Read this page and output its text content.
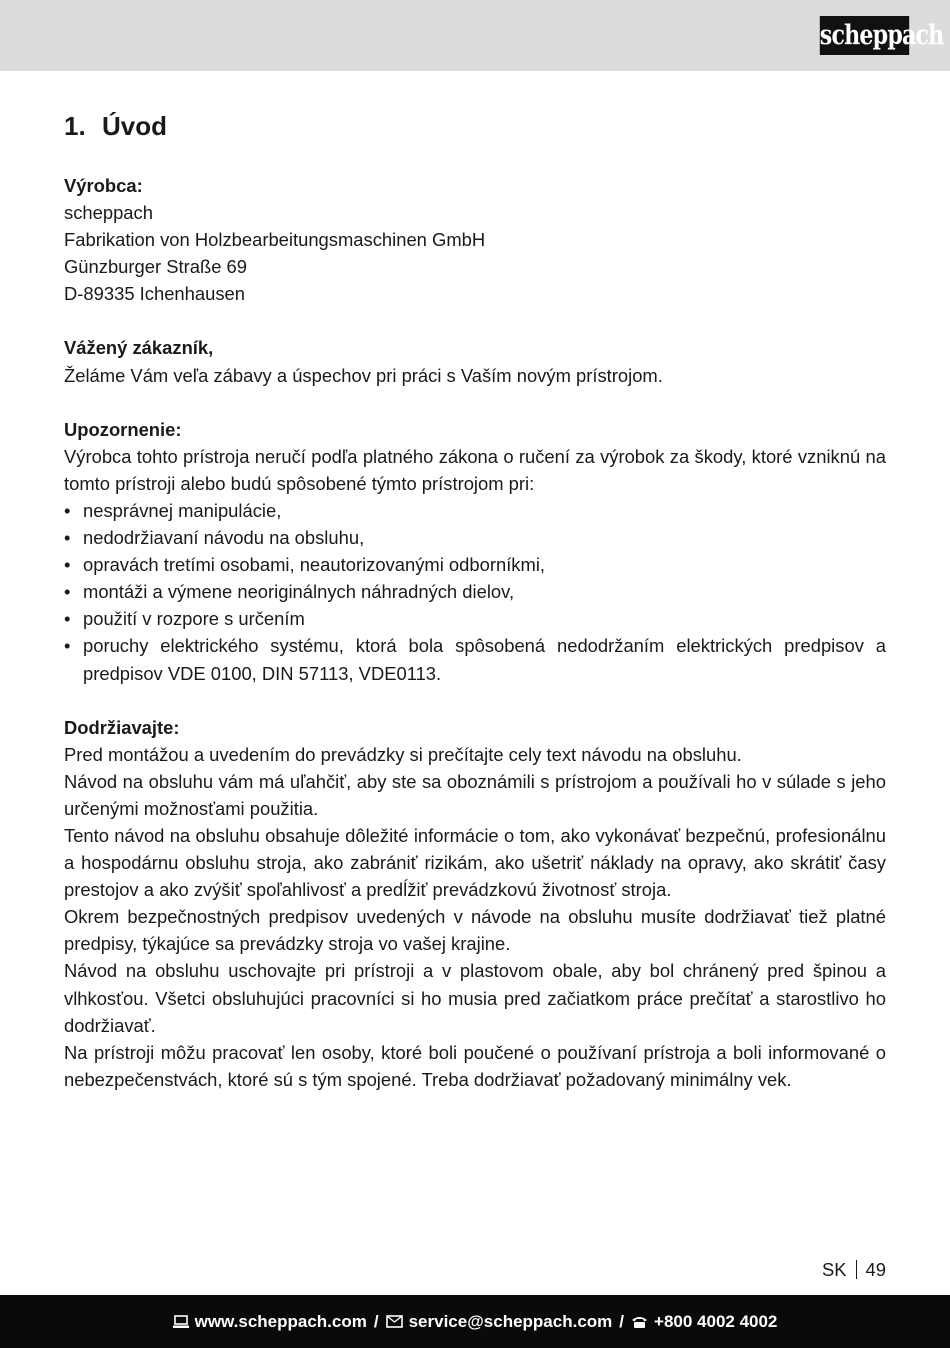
scheppach
1. Úvod
Výrobca:
scheppach
Fabrikation von Holzbearbeitungsmaschinen GmbH
Günzburger Straße 69
D-89335 Ichenhausen
Vážený zákazník,
Želáme Vám veľa zábavy a úspechov pri práci s Vaším novým prístrojom.
Upozornenie:
Výrobca tohto prístroja neručí podľa platného zákona o ručení za výrobok za škody, ktoré vzniknú na tomto prístroji alebo budú spôsobené týmto prístrojom pri:
• nesprávnej manipulácie,
• nedodržiavaní návodu na obsluhu,
• opravách tretími osobami, neautorizovanými odborníkmi,
• montáži a výmene neoriginálnych náhradných dielov,
• použití v rozpore s určením
• poruchy elektrického systému, ktorá bola spôsobená nedodržaním elektrických predpisov a predpisov VDE 0100, DIN 57113, VDE0113.
Dodržiavajte:
Pred montážou a uvedením do prevádzky si prečítajte cely text návodu na obsluhu.
Návod na obsluhu vám má uľahčiť, aby ste sa oboznámili s prístrojom a používali ho v súlade s jeho určenými možnosťami použitia.
Tento návod na obsluhu obsahuje dôležité informácie o tom, ako vykonávať bezpečnú, profesionálnu a hospodárnu obsluhu stroja, ako zabrániť rizikám, ako ušetriť náklady na opravy, ako skrátiť časy prestojov a ako zvýšiť spoľahlivosť a predĺžiť prevádzkovú životnosť stroja.
Okrem bezpečnostných predpisov uvedených v návode na obsluhu musíte dodržiavať tiež platné predpisy, týkajúce sa prevádzky stroja vo vašej krajine.
Návod na obsluhu uschovajte pri prístroji a v plastovom obale, aby bol chránený pred špinou a vlhkosťou. Všetci obsluhujúci pracovníci si ho musia pred začiatkom práce prečítať a starostlivo ho dodržiavať.
Na prístroji môžu pracovať len osoby, ktoré boli poučené o používaní prístroja a boli informované o nebezpečenstvách, ktoré sú s tým spojené. Treba dodržiavať požadovaný minimálny vek.
SK 49
www.scheppach.com / service@scheppach.com / +800 4002 4002
